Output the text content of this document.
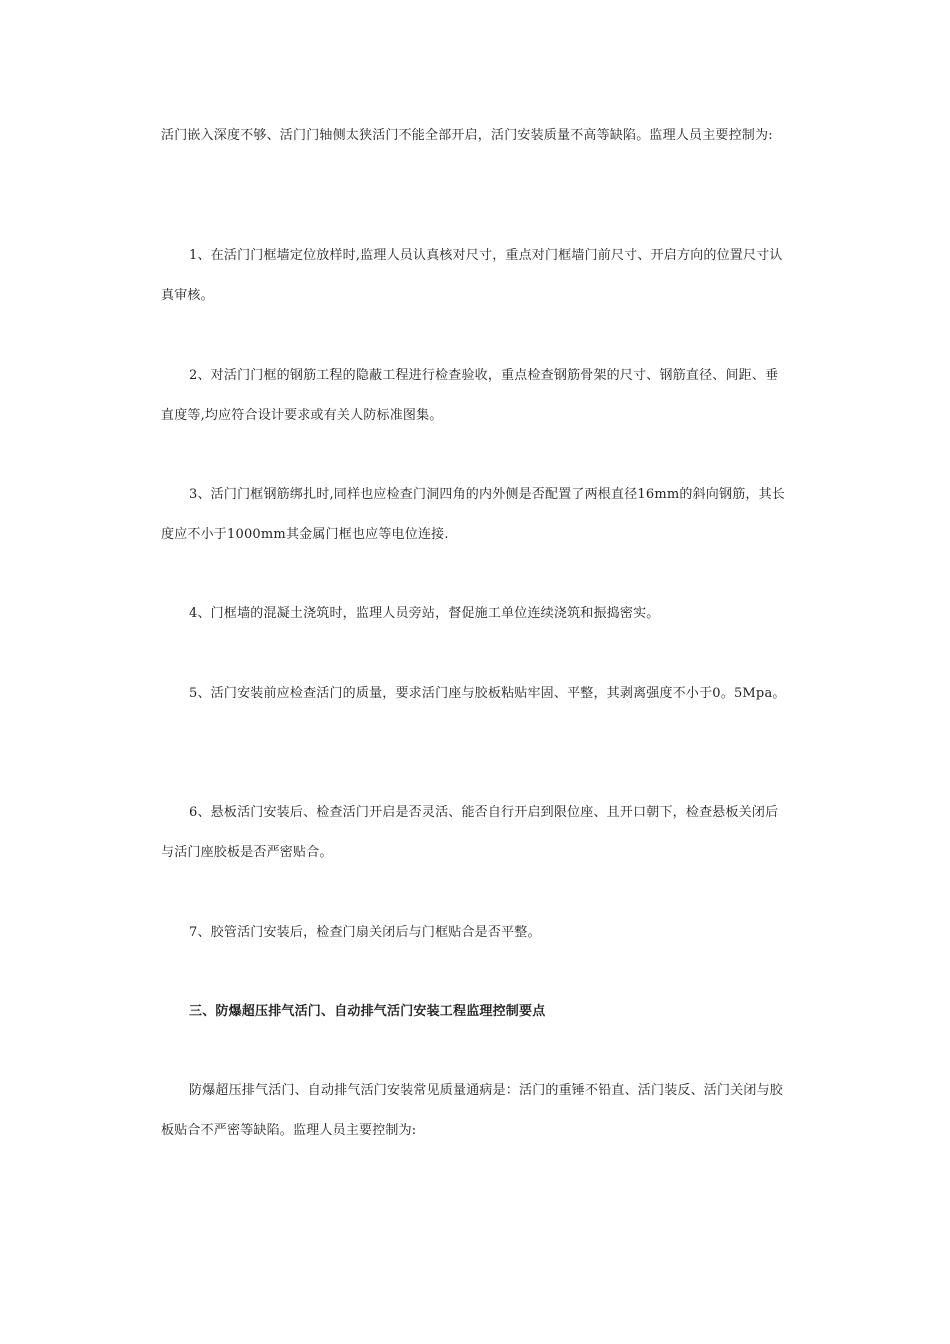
活门嵌入深度不够、活门门轴侧太狭活门不能全部开启，活门安装质量不高等缺陷。监理人员主要控制为:

1、在活门门框墙定位放样时,监理人员认真核对尺寸，重点对门框墙门前尺寸、开启方向的位置尺寸认真审核。

2、对活门门框的钢筋工程的隐蔽工程进行检查验收，重点检查钢筋骨架的尺寸、钢筋直径、间距、垂直度等,均应符合设计要求或有关人防标准图集。

3、活门门框钢筋绑扎时,同样也应检查门洞四角的内外侧是否配置了两根直径16mm的斜向钢筋，其长度应不小于1000mm其金属门框也应等电位连接.

4、门框墙的混凝土浇筑时，监理人员旁站，督促施工单位连续浇筑和振捣密实。

5、活门安装前应检查活门的质量，要求活门座与胶板粘贴牢固、平整，其剥离强度不小于0。5Mpa。

6、悬板活门安装后、检查活门开启是否灵活、能否自行开启到限位座、且开口朝下，检查悬板关闭后与活门座胶板是否严密贴合。

7、胶管活门安装后，检查门扇关闭后与门框贴合是否平整。

三、防爆超压排气活门、自动排气活门安装工程监理控制要点

防爆超压排气活门、自动排气活门安装常见质量通病是：活门的重锤不铅直、活门装反、活门关闭与胶板贴合不严密等缺陷。监理人员主要控制为:
